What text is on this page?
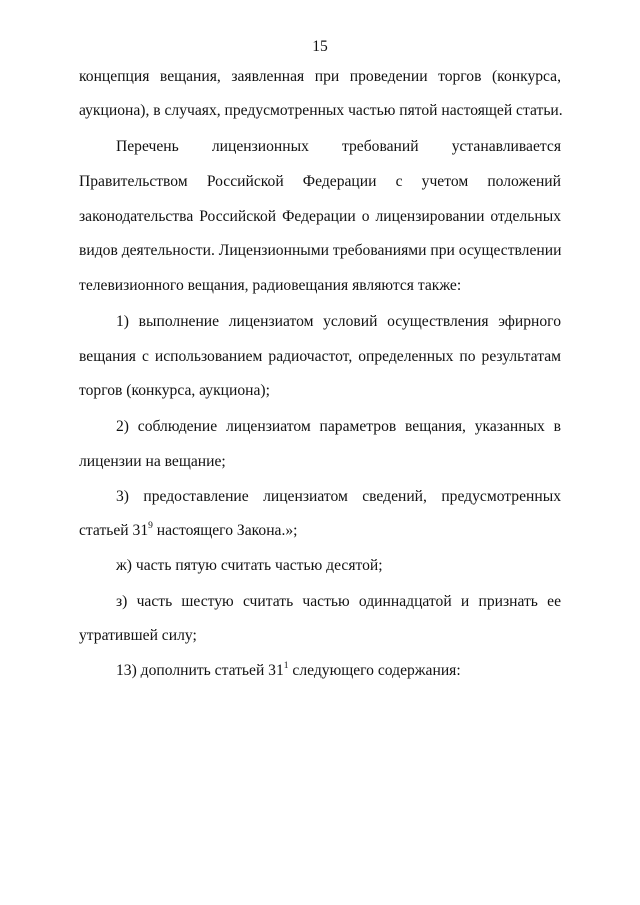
15
концепция вещания, заявленная при проведении торгов (конкурса,
аукциона), в случаях, предусмотренных частью пятой настоящей статьи.
Перечень лицензионных требований устанавливается
Правительством Российской Федерации с учетом положений
законодательства Российской Федерации о лицензировании отдельных
видов деятельности. Лицензионными требованиями при осуществлении
телевизионного вещания, радиовещания являются также:
1) выполнение лицензиатом условий осуществления эфирного
вещания с использованием радиочастот, определенных по результатам
торгов (конкурса, аукциона);
2) соблюдение лицензиатом параметров вещания, указанных в
лицензии на вещание;
3) предоставление лицензиатом сведений, предусмотренных
статьей $31^9$ настоящего Закона.»;
ж) часть пятую считать частью десятой;
з) часть шестую считать частью одиннадцатой и признать ее
утратившей силу;
13) дополнить статьей $31^1$ следующего содержания:
